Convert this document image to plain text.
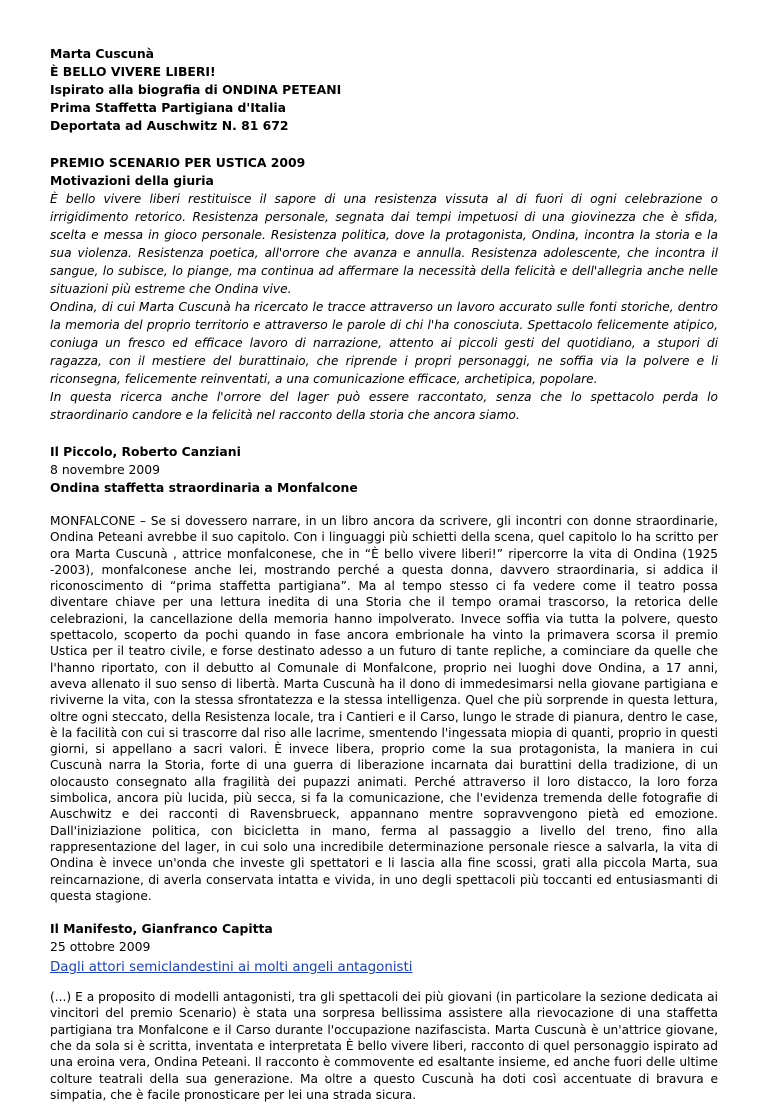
Marta Cuscunà

È BELLO VIVERE LIBERI!

Ispirato alla biografia di ONDINA PETEANI

Prima Staffetta Partigiana d'Italia

Deportata ad Auschwitz N. 81 672

PREMIO SCENARIO PER USTICA 2009

Motivazioni della giuria

È bello vivere liberi restituisce il sapore di una resistenza vissuta al di fuori di ogni celebrazione o irrigidimento retorico. Resistenza personale, segnata dai tempi impetuosi di una giovinezza che è sfida, scelta e messa in gioco personale. Resistenza politica, dove la protagonista, Ondina, incontra la storia e la sua violenza. Resistenza poetica, all'orrore che avanza e annulla. Resistenza adolescente, che incontra il sangue, lo subisce, lo piange, ma continua ad affermare la necessità della felicità e dell'allegria anche nelle situazioni più estreme che Ondina vive.

Ondina, di cui Marta Cuscunà ha ricercato le tracce attraverso un lavoro accurato sulle fonti storiche, dentro la memoria del proprio territorio e attraverso le parole di chi l'ha conosciuta. Spettacolo felicemente atipico, coniuga un fresco ed efficace lavoro di narrazione, attento ai piccoli gesti del quotidiano, a stupori di ragazza, con il mestiere del burattinaio, che riprende i propri personaggi, ne soffia via la polvere e li riconsegna, felicemente reinventati, a una comunicazione efficace, archetipica, popolare.

In questa ricerca anche l'orrore del lager può essere raccontato, senza che lo spettacolo perda lo straordinario candore e la felicità nel racconto della storia che ancora siamo.

Il Piccolo, Roberto Canziani

8 novembre 2009

Ondina staffetta straordinaria a Monfalcone

MONFALCONE – Se si dovessero narrare, in un libro ancora da scrivere, gli incontri con donne straordinarie, Ondina Peteani avrebbe il suo capitolo. Con i linguaggi più schietti della scena, quel capitolo lo ha scritto per ora Marta Cuscunà , attrice monfalconese, che in “È bello vivere liberi!” ripercorre la vita di Ondina (1925 -2003), monfalconese anche lei, mostrando perché a questa donna, davvero straordinaria, si addica il riconoscimento di “prima staffetta partigiana”. Ma al tempo stesso ci fa vedere come il teatro possa diventare chiave per una lettura inedita di una Storia che il tempo oramai trascorso, la retorica delle celebrazioni, la cancellazione della memoria hanno impolverato. Invece soffia via tutta la polvere, questo spettacolo, scoperto da pochi quando in fase ancora embrionale ha vinto la primavera scorsa il premio Ustica per il teatro civile, e forse destinato adesso a un futuro di tante repliche, a cominciare da quelle che l'hanno riportato, con il debutto al Comunale di Monfalcone, proprio nei luoghi dove Ondina, a 17 anni, aveva allenato il suo senso di libertà. Marta Cuscunà ha il dono di immedesimarsi nella giovane partigiana e riviverne la vita, con la stessa sfrontatezza e la stessa intelligenza. Quel che più sorprende in questa lettura, oltre ogni steccato, della Resistenza locale, tra i Cantieri e il Carso, lungo le strade di pianura, dentro le case, è la facilità con cui si trascorre dal riso alle lacrime, smentendo l'ingessata miopia di quanti, proprio in questi giorni, si appellano a sacri valori. È invece libera, proprio come la sua protagonista, la maniera in cui Cuscunà narra la Storia, forte di una guerra di liberazione incarnata dai burattini della tradizione, di un olocausto consegnato alla fragilità dei pupazzi animati. Perché attraverso il loro distacco, la loro forza simbolica, ancora più lucida, più secca, si fa la comunicazione, che l'evidenza tremenda delle fotografie di Auschwitz e dei racconti di Ravensbrueck, appannano mentre sopravvengono pietà ed emozione. Dall'iniziazione politica, con bicicletta in mano, ferma al passaggio a livello del treno, fino alla rappresentazione del lager, in cui solo una incredibile determinazione personale riesce a salvarla, la vita di Ondina è invece un'onda che investe gli spettatori e li lascia alla fine scossi, grati alla piccola Marta, sua reincarnazione, di averla conservata intatta e vivida, in uno degli spettacoli più toccanti ed entusiasmanti di questa stagione.

Il Manifesto, Gianfranco Capitta

25 ottobre 2009

Dagli attori semiclandestini ai molti angeli antagonisti

(...) E a proposito di modelli antagonisti, tra gli spettacoli dei più giovani (in particolare la sezione dedicata ai vincitori del premio Scenario) è stata una sorpresa bellissima assistere alla rievocazione di una staffetta partigiana tra Monfalcone e il Carso durante l'occupazione nazifascista. Marta Cuscunà è un'attrice giovane, che da sola si è scritta, inventata e interpretata È bello vivere liberi, racconto di quel personaggio ispirato ad una eroina vera, Ondina Peteani. Il racconto è commovente ed esaltante insieme, ed anche fuori delle ultime colture teatrali della sua generazione. Ma oltre a questo Cuscunà ha doti così accentuate di bravura e simpatia, che è facile pronosticare per lei una strada sicura.
